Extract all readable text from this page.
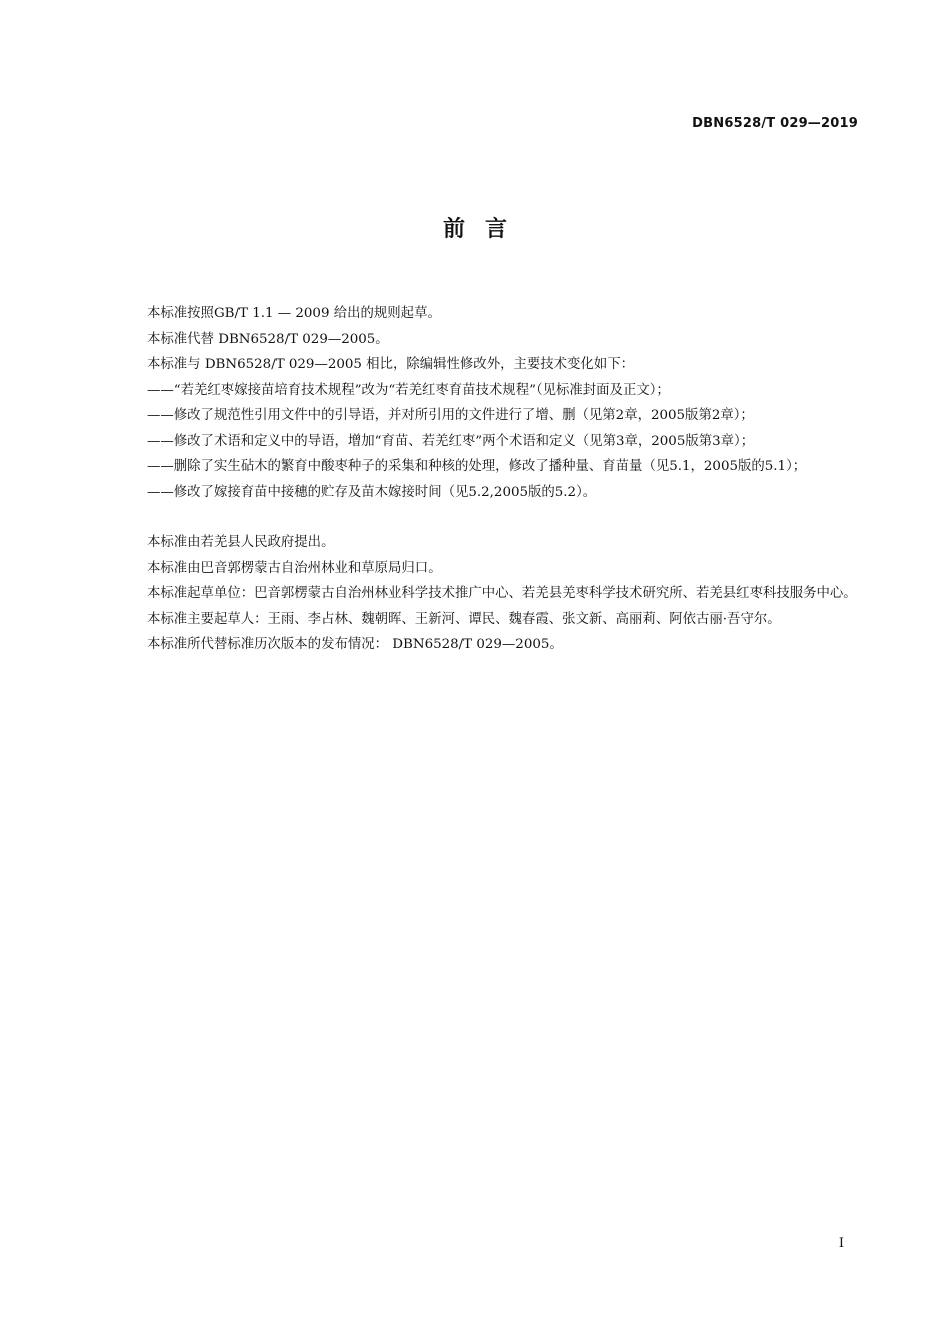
DBN6528/T 029—2019
前言

本标准按照GB/T 1.1 — 2009 给出的规则起草。

本标准代替 DBN6528/T 029—2005。

本标准与 DBN6528/T 029—2005 相比，除编辑性修改外，主要技术变化如下：

——“若羌红枣嫁接苗培育技术规程”改为“若羌红枣育苗技术规程”（见标准封面及正文）；

——修改了规范性引用文件中的引导语，并对所引用的文件进行了增、删（见第2章，2005版第2章）；

——修改了术语和定义中的导语，增加“育苗、若羌红枣”两个术语和定义（见第3章，2005版第3章）；

——删除了实生砧木的繁育中酸枣种子的采集和种核的处理，修改了播种量、育苗量（见5.1，2005版的5.1）；

——修改了嫁接育苗中接穗的贮存及苗木嫁接时间（见5.2,2005版的5.2）。

本标准由若羌县人民政府提出。

本标准由巴音郭楞蒙古自治州林业和草原局归口。

本标准起草单位：巴音郭楞蒙古自治州林业科学技术推广中心、若羌县羌枣科学技术研究所、若羌县红枣科技服务中心。

本标准主要起草人：王雨、李占林、魏朝晖、王新河、谭民、魏春霞、张文新、高丽莉、阿依古丽·吾守尔。

本标准所代替标准历次版本的发布情况： DBN6528/T 029—2005。

I
